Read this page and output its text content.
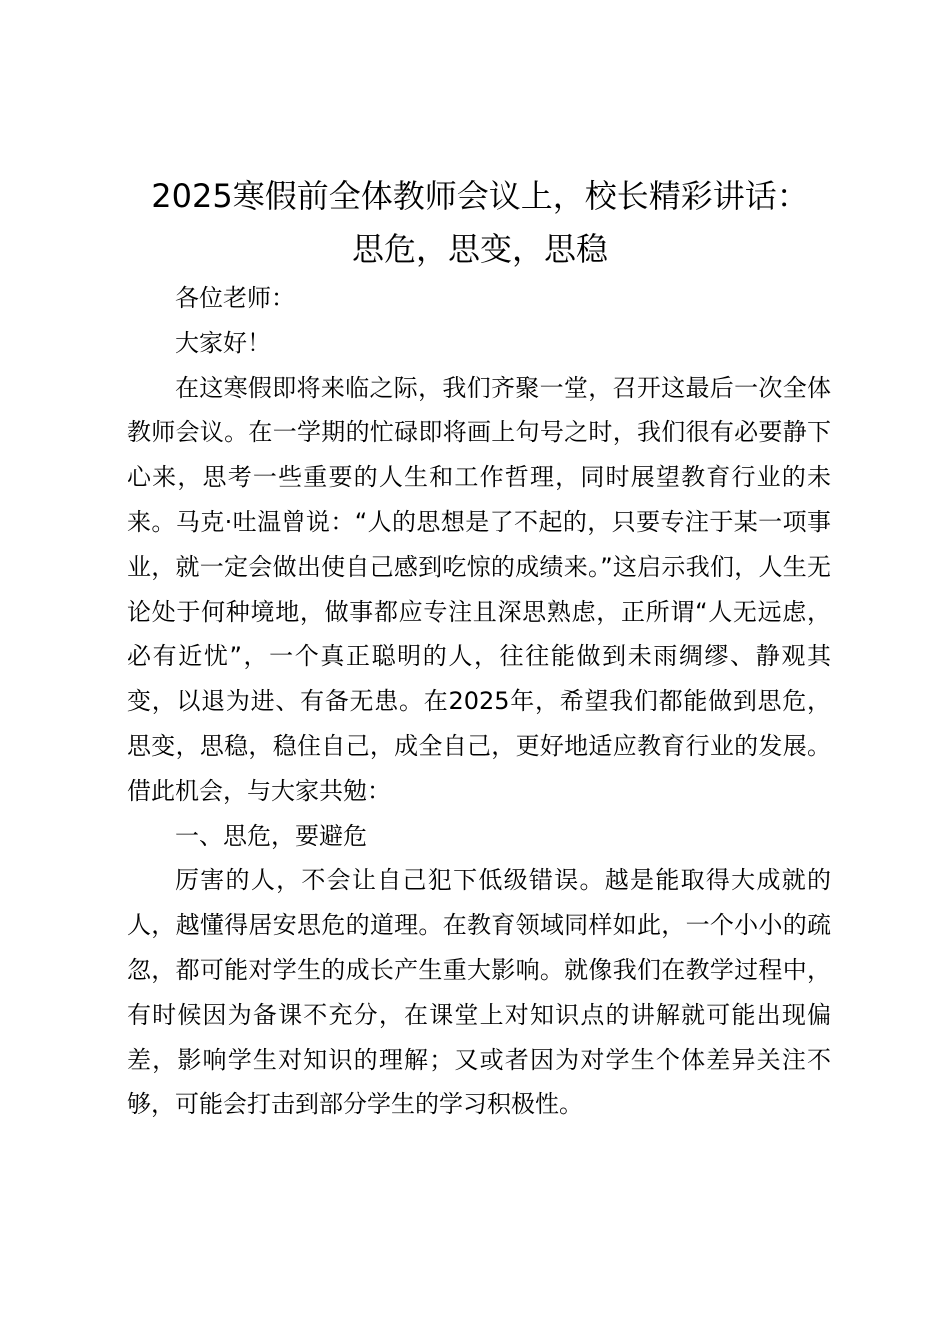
2025寒假前全体教师会议上，校长精彩讲话：
思危，思变，思稳

各位老师：

大家好！

在这寒假即将来临之际，我们齐聚一堂，召开这最后一次全体教师会议。在一学期的忙碌即将画上句号之时，我们很有必要静下心来，思考一些重要的人生和工作哲理，同时展望教育行业的未来。马克·吐温曾说：“人的思想是了不起的，只要专注于某一项事业，就一定会做出使自己感到吃惊的成绩来。”这启示我们，人生无论处于何种境地，做事都应专注且深思熟虑，正所谓“人无远虑，必有近忧”，一个真正聪明的人，往往能做到未雨绸缪、静观其变，以退为进、有备无患。在2025年，希望我们都能做到思危，思变，思稳，稳住自己，成全自己，更好地适应教育行业的发展。借此机会，与大家共勉：

一、思危，要避危

厉害的人，不会让自己犯下低级错误。越是能取得大成就的人，越懂得居安思危的道理。在教育领域同样如此，一个小小的疏忽，都可能对学生的成长产生重大影响。就像我们在教学过程中，有时候因为备课不充分，在课堂上对知识点的讲解就可能出现偏差，影响学生对知识的理解；又或者因为对学生个体差异关注不够，可能会打击到部分学生的学习积极性。
